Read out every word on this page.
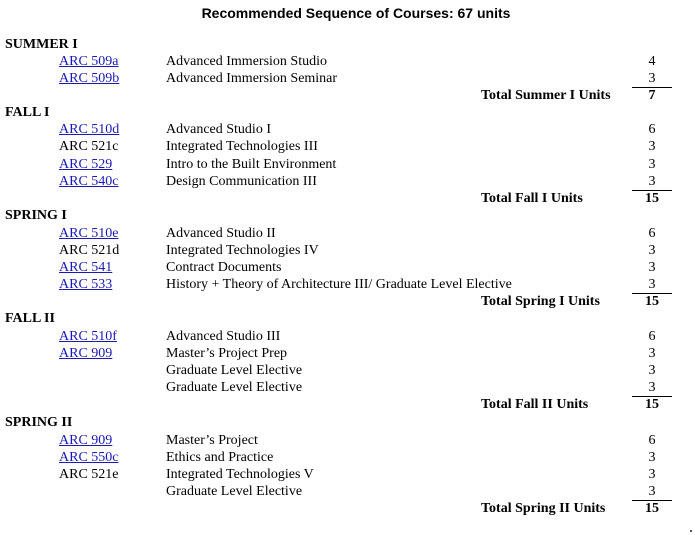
Recommended Sequence of Courses: 67 units
SUMMER I
ARC 509a	Advanced Immersion Studio	4
ARC 509b	Advanced Immersion Seminar	3
Total Summer I Units	7
FALL I
ARC 510d	Advanced Studio I	6
ARC 521c	Integrated Technologies III	3
ARC 529	Intro to the Built Environment	3
ARC 540c	Design Communication III	3
Total Fall I Units	15
SPRING I
ARC 510e	Advanced Studio II	6
ARC 521d	Integrated Technologies IV	3
ARC 541	Contract Documents	3
ARC 533	History + Theory of Architecture III/ Graduate Level Elective	3
Total Spring I Units	15
FALL II
ARC 510f	Advanced Studio III	6
ARC 909	Master’s Project Prep	3
Graduate Level Elective	3
Graduate Level Elective	3
Total Fall II Units	15
SPRING II
ARC 909	Master’s Project	6
ARC 550c	Ethics and Practice	3
ARC 521e	Integrated Technologies V	3
Graduate Level Elective	3
Total Spring II Units	15
